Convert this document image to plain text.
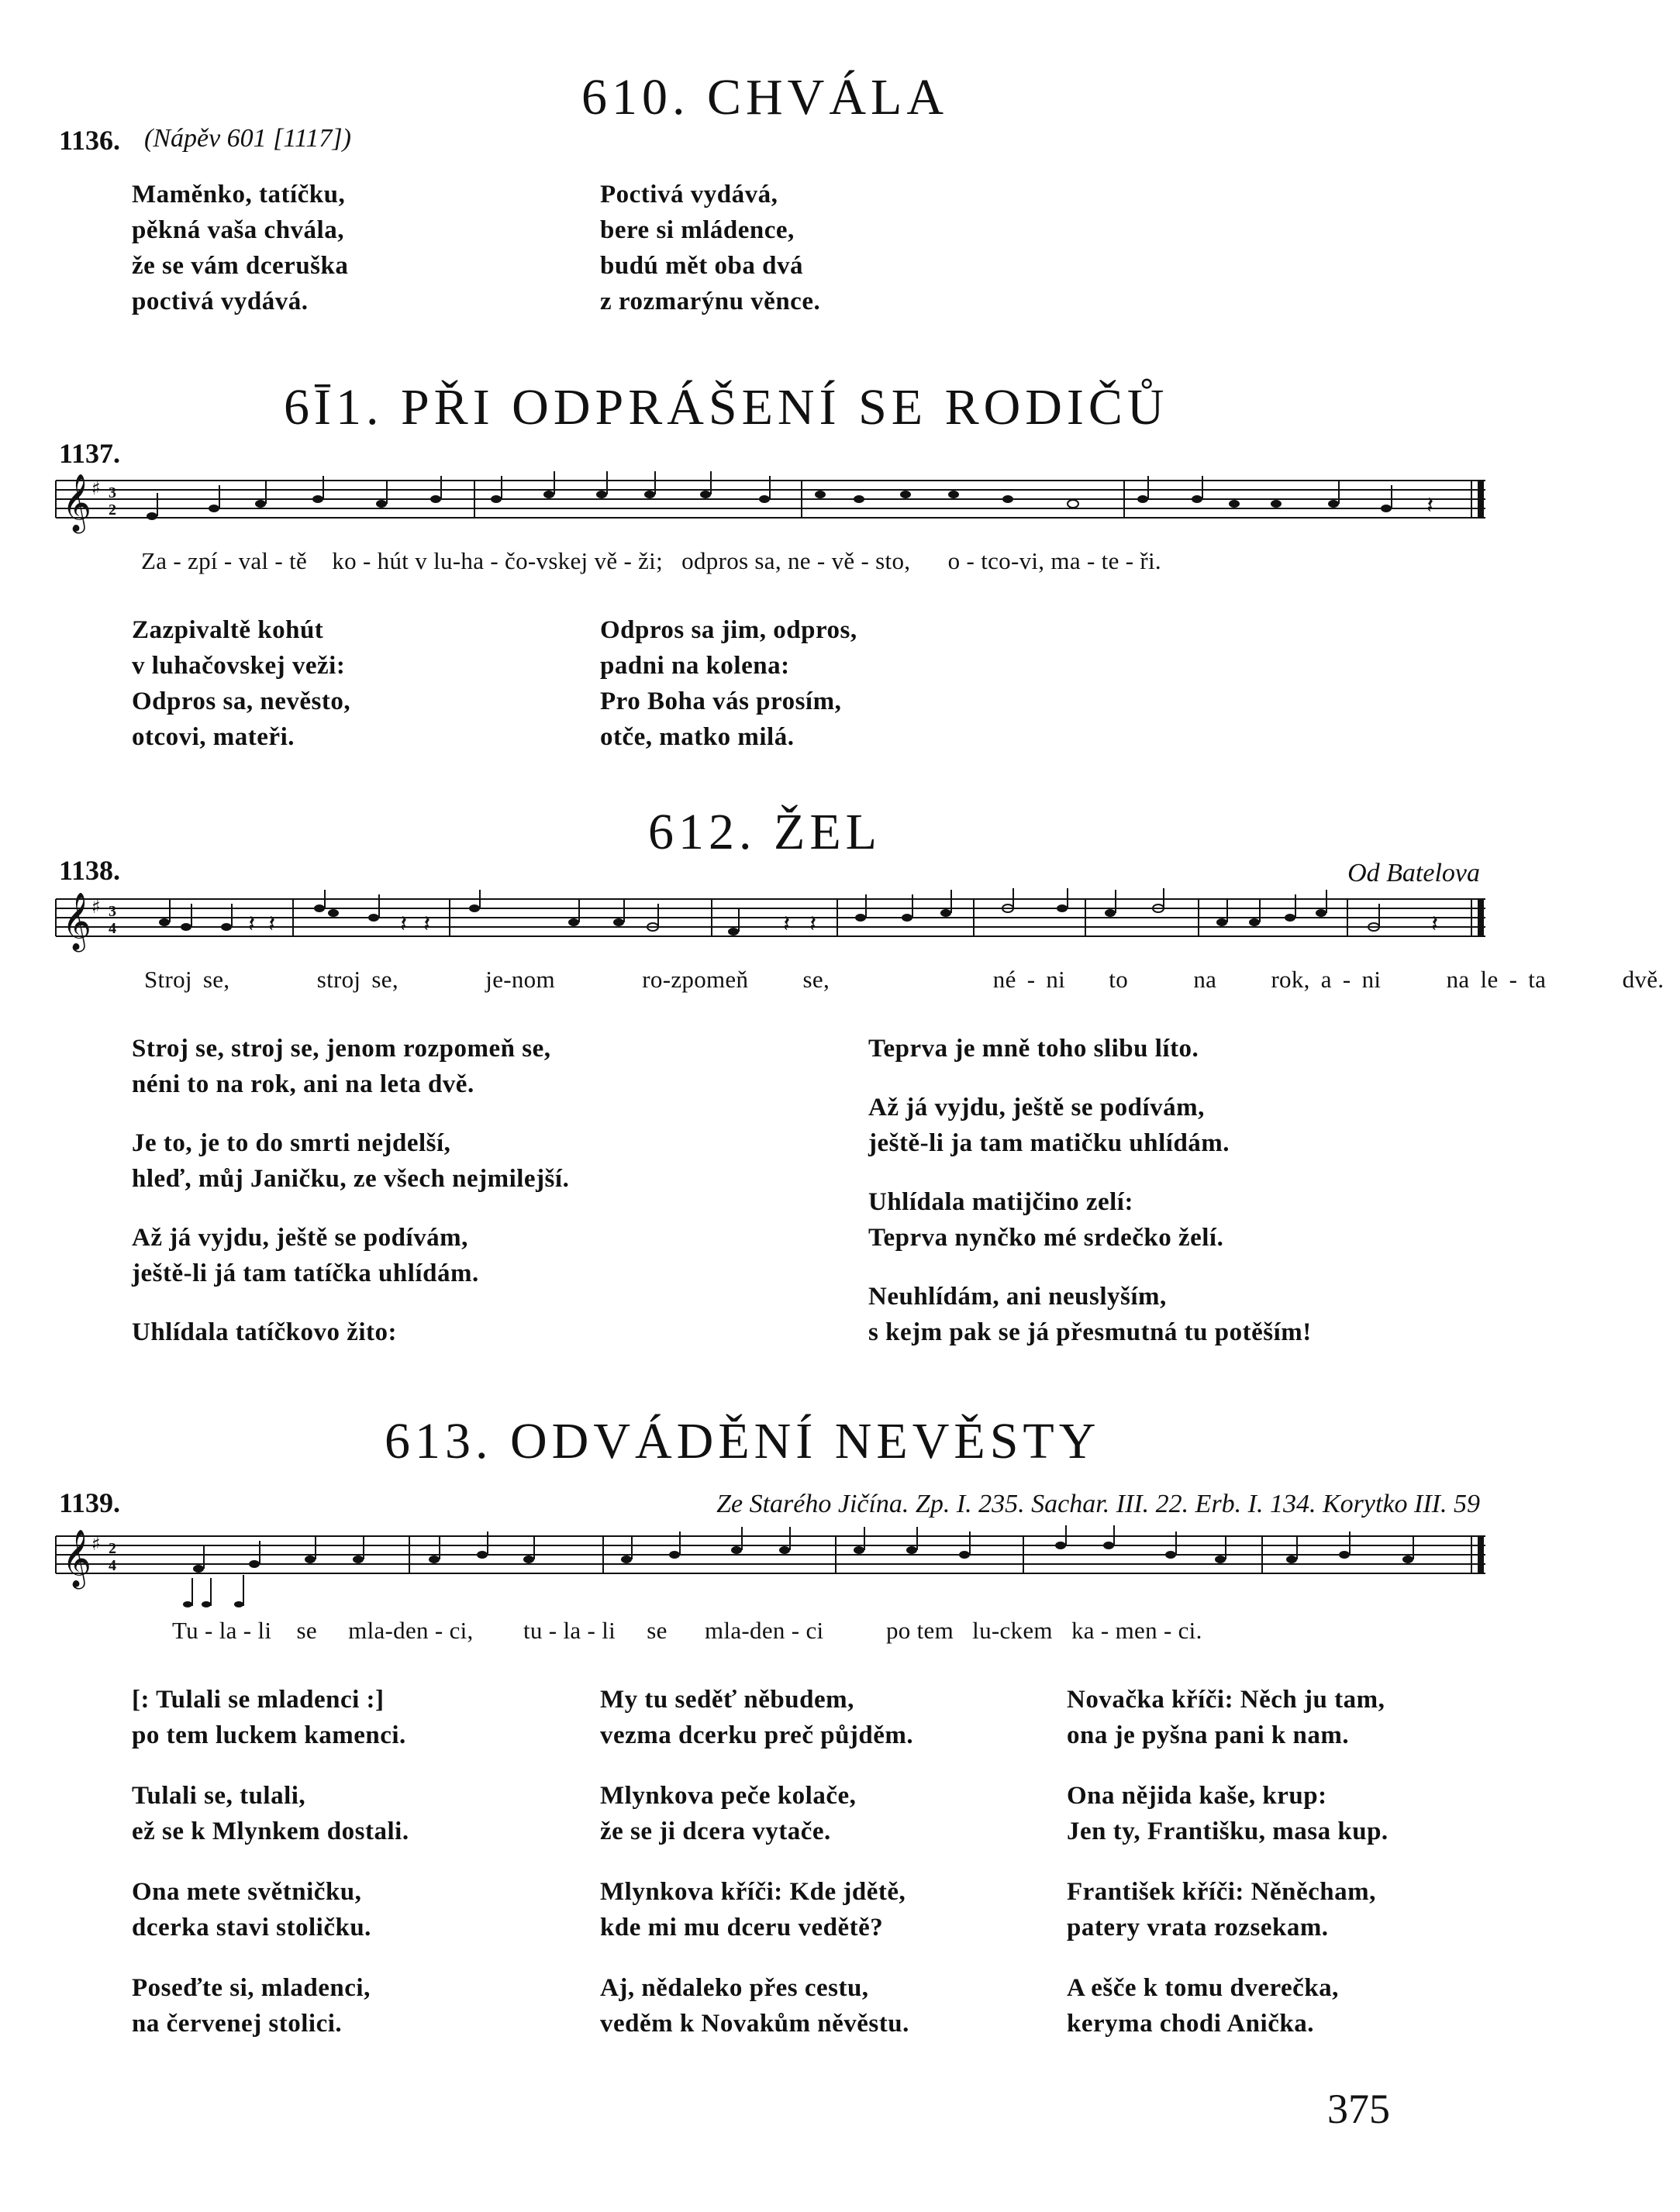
610. CHVÁLA
1136. (Nápěv 601 [1117])
Maměnko, tatíčku,
pěkná vaša chvála,
že se vám dceruška
poctivá vydává.
Poctivá vydává,
bere si mládence,
budú mět oba dvá
z rozmarýnu věnce.
6Ī1. PŘI ODPRÁŠENÍ SE RODIČŮ
1137.
𝄞 ♯ 3
2	𝄽
Za - zpí - val - tě ko - hút v lu-ha - čo-vskej vě - ži; odpros sa, ne - vě - sto, o - tco-vi, ma - te - ři.
Zazpivaltě kohút
v luhačovskej veži:
Odpros sa, nevěsto,
otcovi, mateři.
Odpros sa jim, odpros,
padni na kolena:
Pro Boha vás prosím,
otče, matko milá.
612. ŽEL
1138.	Od Batelova
𝄞 ♯ 3
4	𝄽 𝄽	𝄽 𝄽	𝄽 𝄽	𝄽
Stroj se,	stroj se,	je-nom	ro-zpomeň se,	né - ni to	na rok, a - ni	na le - ta	dvě.
Stroj se, stroj se, jenom rozpomeň se,
néni to na rok, ani na leta dvě.
Je to, je to do smrti nejdelší,
hleď, můj Janičku, ze všech nejmilejší.
Až já vyjdu, ještě se podívám,
ještě-li já tam tatíčka uhlídám.
Uhlídala tatíčkovo žito:
Teprva je mně toho slibu líto.
Až já vyjdu, ještě se podívám,
ještě-li ja tam matičku uhlídám.
Uhlídala matijčino zelí:
Teprva nynčko mé srdečko želí.
Neuhlídám, ani neuslyším,
s kejm pak se já přesmutná tu potěším!
613. ODVÁDĚNÍ NEVĚSTY
1139.	Ze Starého Jičína. Zp. I. 235. Sachar. III. 22. Erb. I. 134. Korytko III. 59
𝄞 ♯ 2
4
Tu - la - li se mla-den - ci, tu - la - li se mla-den - ci	po tem lu-ckem ka - men - ci.
[: Tulali se mladenci :]
po tem luckem kamenci.
Tulali se, tulali,
ež se k Mlynkem dostali.
Ona mete světničku,
dcerka stavi stoličku.
Poseďte si, mladenci,
na červenej stolici.
My tu seděť něbudem,
vezma dcerku preč půjděm.
Mlynkova peče kolače,
že se ji dcera vytače.
Mlynkova kříči: Kde jdětě,
kde mi mu dceru vedětě?
Aj, nědaleko přes cestu,
veděm k Novakům něvěstu.
Novačka kříči: Něch ju tam,
ona je pyšna pani k nam.
Ona nějida kaše, krup:
Jen ty, Františku, masa kup.
František kříči: Něněcham,
patery vrata rozsekam.
A ešče k tomu dverečka,
keryma chodi Anička.
375
